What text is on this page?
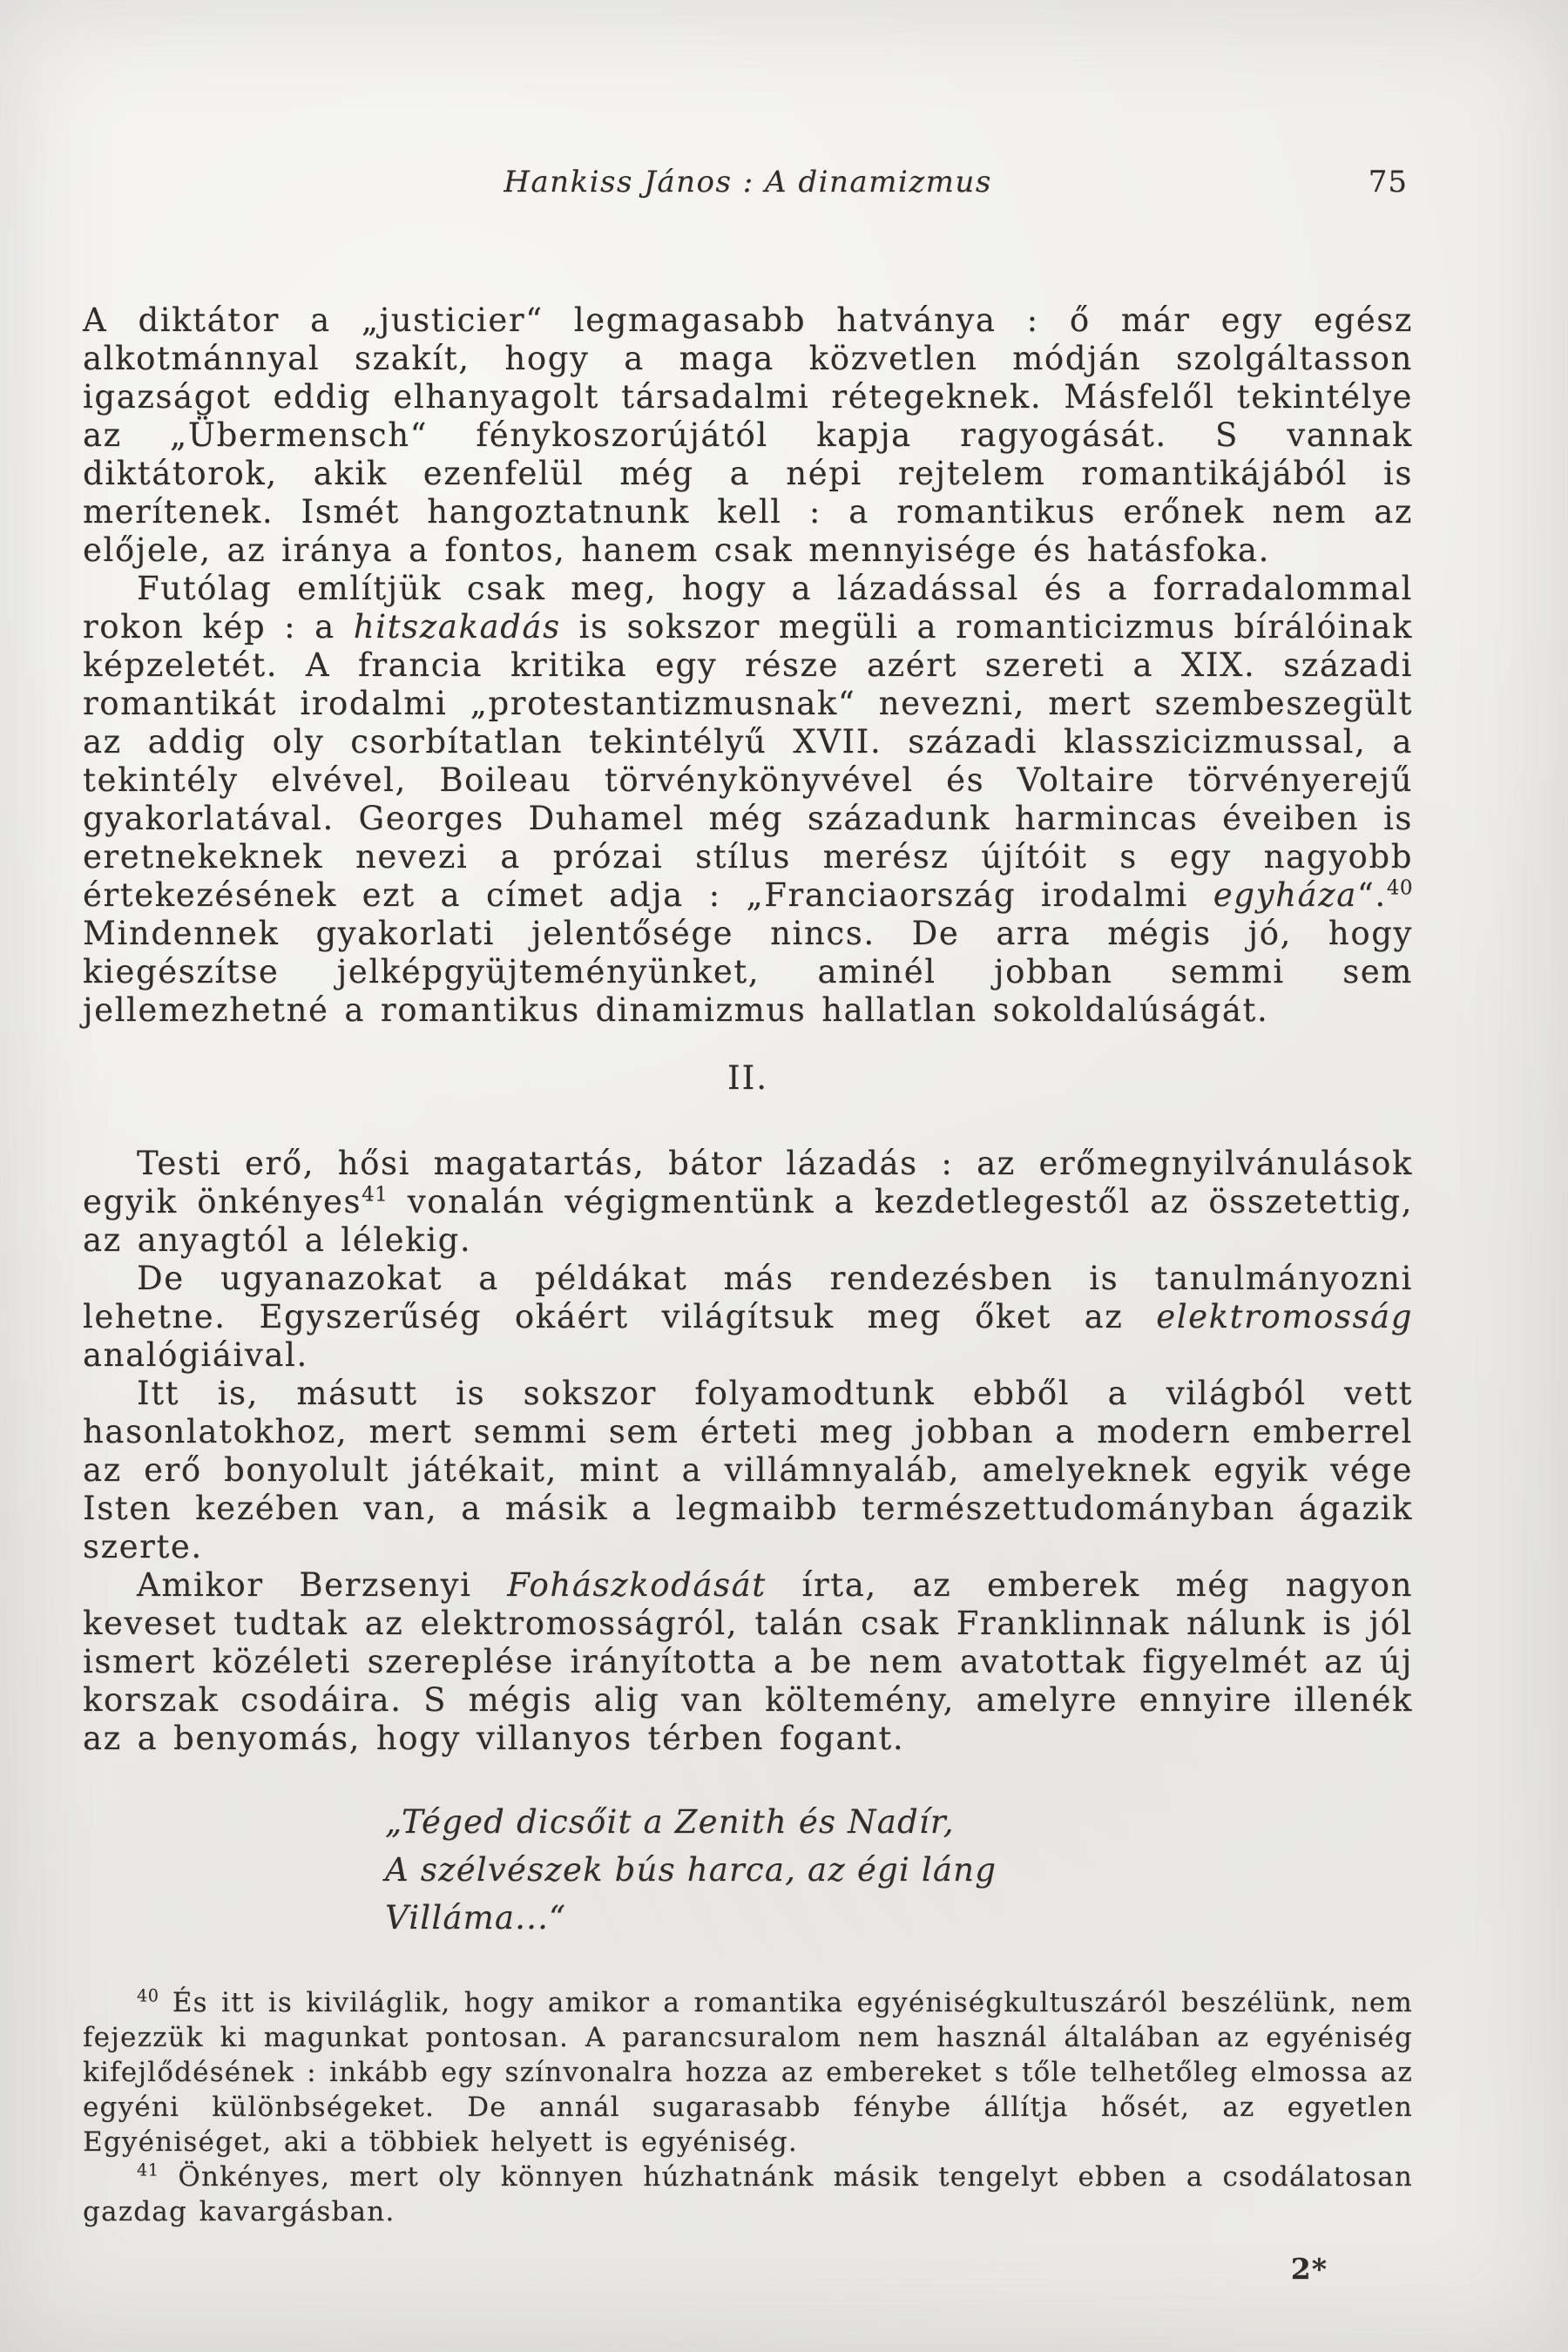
Hankiss János : A dinamizmus	75

A diktátor a „justicier“ legmagasabb hatványa : ő már egy egész alkotmánnyal szakít, hogy a maga közvetlen módján szolgáltasson igazságot eddig elhanyagolt társadalmi rétegeknek. Másfelől tekintélye az „Übermensch“ fénykoszorújától kapja ragyogását. S vannak diktátorok, akik ezenfelül még a népi rejtelem romantikájából is merítenek. Ismét hangoztatnunk kell : a romantikus erőnek nem az előjele, az iránya a fontos, hanem csak mennyisége és hatásfoka.

Futólag említjük csak meg, hogy a lázadással és a forradalommal rokon kép : a hitszakadás is sokszor megüli a romanticizmus bírálóinak képzeletét. A francia kritika egy része azért szereti a XIX. századi romantikát irodalmi „protestantizmusnak“ nevezni, mert szembeszegült az addig oly csorbítatlan tekintélyű XVII. századi klasszicizmussal, a tekintély elvével, Boileau törvénykönyvével és Voltaire törvényerejű gyakorlatával. Georges Duhamel még századunk harmincas éveiben is eretnekeknek nevezi a prózai stílus merész újítóit s egy nagyobb értekezésének ezt a címet adja : „Franciaország irodalmi egyháza“.$^{40}$ Mindennek gyakorlati jelentősége nincs. De arra mégis jó, hogy kiegészítse jelképgyüjteményünket, aminél jobban semmi sem jellemezhetné a romantikus dinamizmus hallatlan sokoldalúságát.

II.

Testi erő, hősi magatartás, bátor lázadás : az erőmegnyilvánulások egyik önkényes$^{41}$ vonalán végigmentünk a kezdetlegestől az összetettig, az anyagtól a lélekig.

De ugyanazokat a példákat más rendezésben is tanulmányozni lehetne. Egyszerűség okáért világítsuk meg őket az elektromosság analógiáival.

Itt is, másutt is sokszor folyamodtunk ebből a világból vett hasonlatokhoz, mert semmi sem érteti meg jobban a modern emberrel az erő bonyolult játékait, mint a villámnyaláb, amelyeknek egyik vége Isten kezében van, a másik a legmaibb természettudományban ágazik szerte.

Amikor Berzsenyi Fohászkodását írta, az emberek még nagyon keveset tudtak az elektromosságról, talán csak Franklinnak nálunk is jól ismert közéleti szereplése irányította a be nem avatottak figyelmét az új korszak csodáira. S mégis alig van költemény, amelyre ennyire illenék az a benyomás, hogy villanyos térben fogant.

„Téged dicsőit a Zenith és Nadír,
A szélvészek bús harca, az égi láng
Villáma...“

$^{40}$ És itt is kiviláglik, hogy amikor a romantika egyéniségkultuszáról beszélünk, nem fejezzük ki magunkat pontosan. A parancsuralom nem használ általában az egyéniség kifejlődésének : inkább egy színvonalra hozza az embereket s tőle telhetőleg elmossa az egyéni különbségeket. De annál sugarasabb fénybe állítja hősét, az egyetlen Egyéniséget, aki a többiek helyett is egyéniség.

$^{41}$ Önkényes, mert oly könnyen húzhatnánk másik tengelyt ebben a csodálatosan gazdag kavargásban.

2*
